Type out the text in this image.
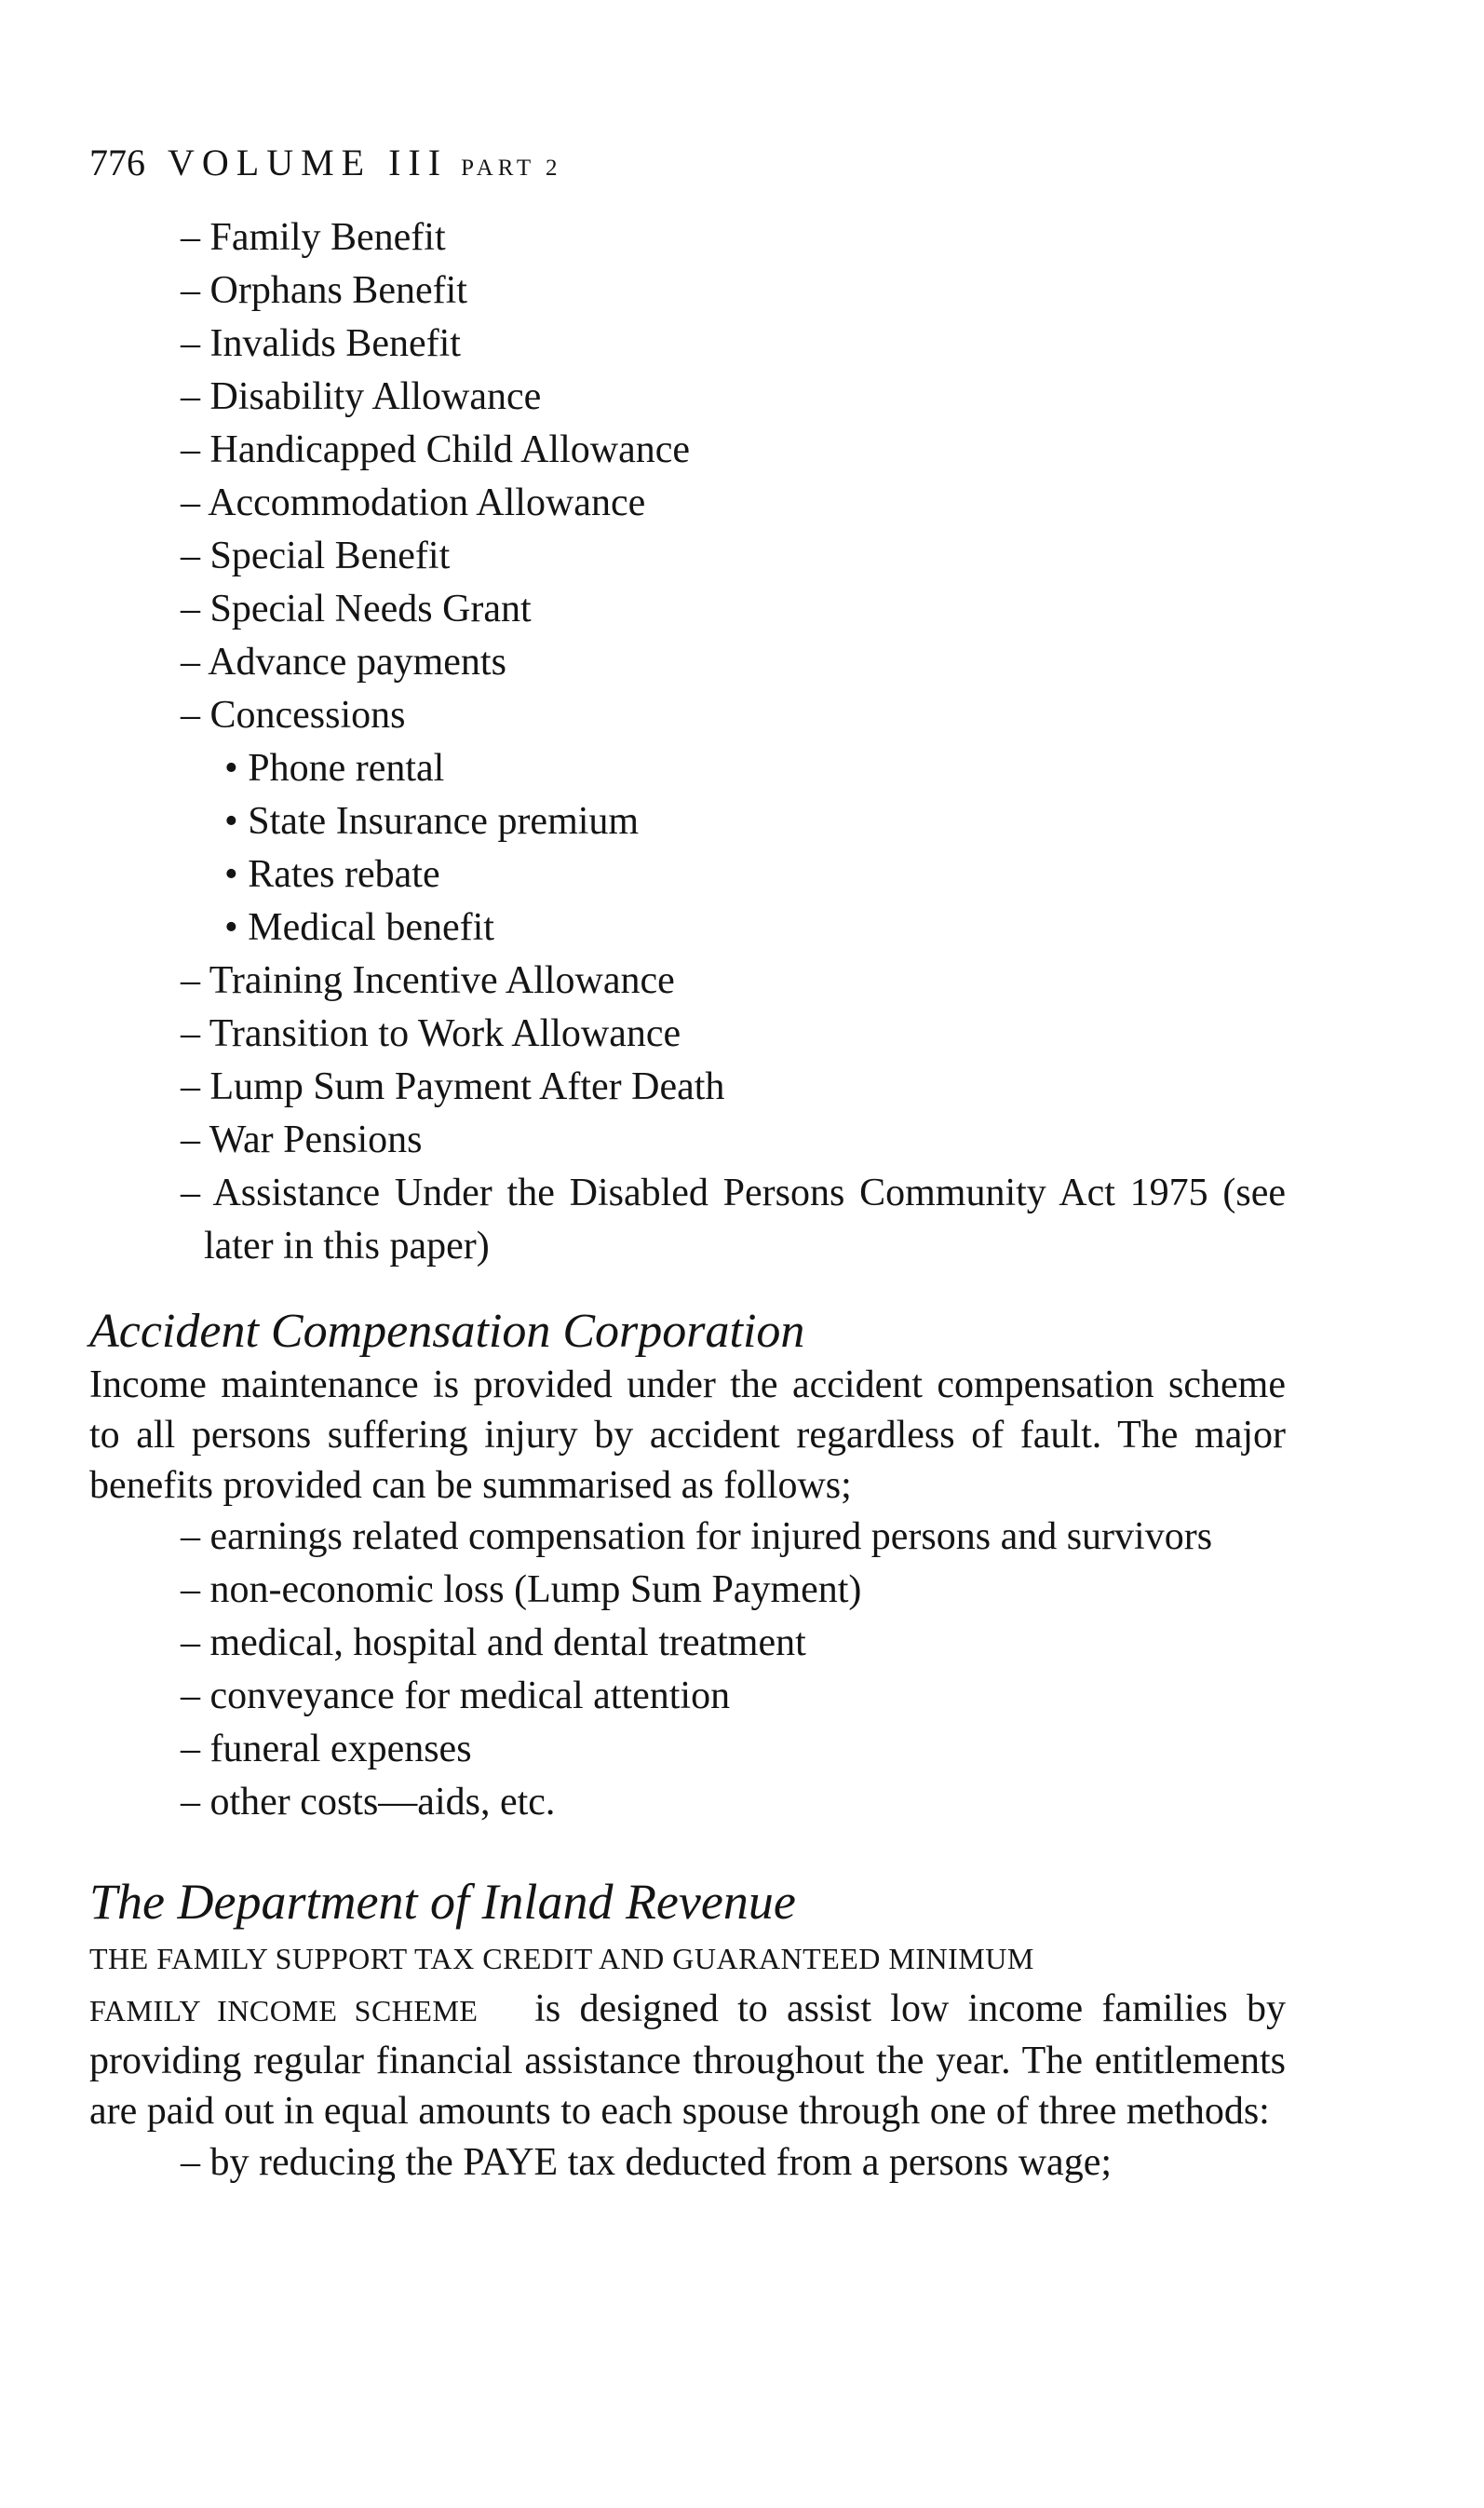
776 VOLUME III PART 2
– Family Benefit
– Orphans Benefit
– Invalids Benefit
– Disability Allowance
– Handicapped Child Allowance
– Accommodation Allowance
– Special Benefit
– Special Needs Grant
– Advance payments
– Concessions
• Phone rental
• State Insurance premium
• Rates rebate
• Medical benefit
– Training Incentive Allowance
– Transition to Work Allowance
– Lump Sum Payment After Death
– War Pensions
– Assistance Under the Disabled Persons Community Act 1975 (see later in this paper)
Accident Compensation Corporation

Income maintenance is provided under the accident compensation scheme to all persons suffering injury by accident regardless of fault. The major benefits provided can be summarised as follows;

– earnings related compensation for injured persons and survivors
– non-economic loss (Lump Sum Payment)
– medical, hospital and dental treatment
– conveyance for medical attention
– funeral expenses
– other costs—aids, etc.
The Department of Inland Revenue
THE FAMILY SUPPORT TAX CREDIT AND GUARANTEED MINIMUM

FAMILY INCOME SCHEME is designed to assist low income families by providing regular financial assistance throughout the year. The entitlements are paid out in equal amounts to each spouse through one of three methods:

– by reducing the PAYE tax deducted from a persons wage;
